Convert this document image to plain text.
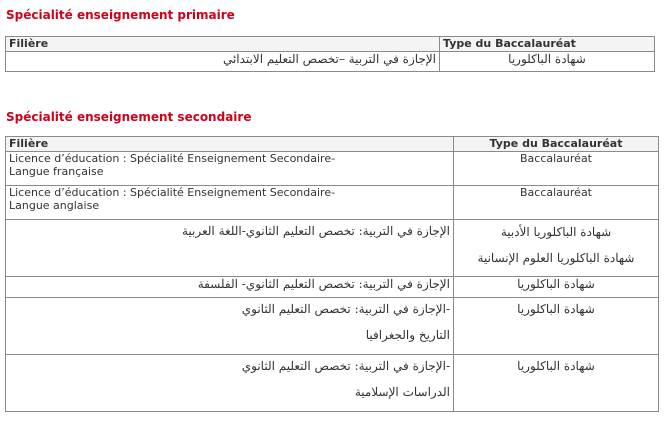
Spécialité enseignement primaire
Filière	Type du Baccalauréat
الإجازة في التربية –تخصص التعليم الابتدائي	شهادة الباكلوريا
Spécialité enseignement secondaire
Filière	Type du Baccalauréat

Licence d’éducation : Spécialité Enseignement Secondaire-
Langue française	Baccalauréat

Licence d’éducation : Spécialité Enseignement Secondaire-
Langue anglaise	Baccalauréat

الإجازة في التربية: تخصص التعليم الثانوي-اللغة العربية	شهادة الباكلوريا الأدبية
شهادة الباكلوريا العلوم الإنسانية

الإجازة في التربية: تخصص التعليم الثانوي- الفلسفة	شهادة الباكلوريا

-الإجازة في التربية: تخصص التعليم الثانوي
التاريخ والجغرافيا	شهادة الباكلوريا

-الإجازة في التربية: تخصص التعليم الثانوي
الدراسات الإسلامية	شهادة الباكلوريا
